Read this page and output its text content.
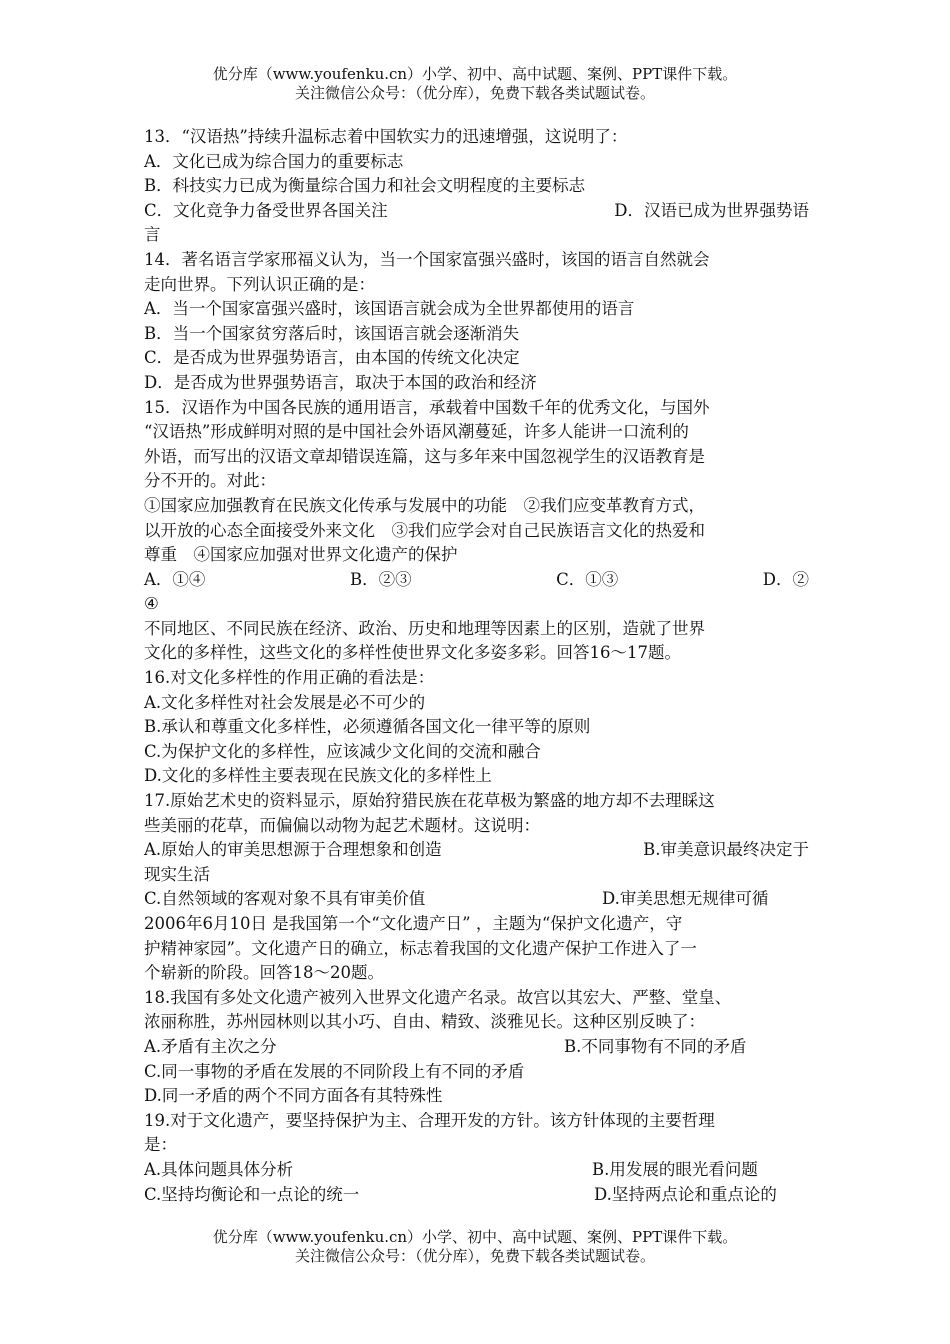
优分库（www.youfenku.cn）小学、初中、高中试题、案例、PPT课件下载。
关注微信公众号：（优分库），免费下载各类试题试卷。
13．“汉语热”持续升温标志着中国软实力的迅速增强，这说明了：
A．文化已成为综合国力的重要标志
B．科技实力已成为衡量综合国力和社会文明程度的主要标志
C．文化竞争力备受世界各国关注	D．汉语已成为世界强势语
言
14．著名语言学家邢福义认为，当一个国家富强兴盛时，该国的语言自然就会
走向世界。下列认识正确的是：
A．当一个国家富强兴盛时，该国语言就会成为全世界都使用的语言
B．当一个国家贫穷落后时，该国语言就会逐渐消失
C．是否成为世界强势语言，由本国的传统文化决定
D．是否成为世界强势语言，取决于本国的政治和经济
15．汉语作为中国各民族的通用语言，承载着中国数千年的优秀文化，与国外
“汉语热”形成鲜明对照的是中国社会外语风潮蔓延，许多人能讲一口流利的
外语，而写出的汉语文章却错误连篇，这与多年来中国忽视学生的汉语教育是
分不开的。对此：
①国家应加强教育在民族文化传承与发展中的功能　②我们应变革教育方式，
以开放的心态全面接受外来文化　③我们应学会对自己民族语言文化的热爱和
尊重　④国家应加强对世界文化遗产的保护
A．①④	B．②③	C．①③	D．②
④
不同地区、不同民族在经济、政治、历史和地理等因素上的区别，造就了世界
文化的多样性，这些文化的多样性使世界文化多姿多彩。回答16～17题。
16.对文化多样性的作用正确的看法是：
A.文化多样性对社会发展是必不可少的
B.承认和尊重文化多样性，必须遵循各国文化一律平等的原则
C.为保护文化的多样性，应该减少文化间的交流和融合
D.文化的多样性主要表现在民族文化的多样性上
17.原始艺术史的资料显示，原始狩猎民族在花草极为繁盛的地方却不去理睬这
些美丽的花草，而偏偏以动物为起艺术题材。这说明：
A.原始人的审美思想源于合理想象和创造	B.审美意识最终决定于
现实生活
C.自然领域的客观对象不具有审美价值	D.审美思想无规律可循
2006年6月10日 是我国第一个“文化遗产日” ，主题为“保护文化遗产，守
护精神家园”。文化遗产日的确立，标志着我国的文化遗产保护工作进入了一
个崭新的阶段。回答18～20题。
18.我国有多处文化遗产被列入世界文化遗产名录。故宫以其宏大、严整、堂皇、
浓丽称胜，苏州园林则以其小巧、自由、精致、淡雅见长。这种区别反映了：
A.矛盾有主次之分	B.不同事物有不同的矛盾
C.同一事物的矛盾在发展的不同阶段上有不同的矛盾
D.同一矛盾的两个不同方面各有其特殊性
19.对于文化遗产，要坚持保护为主、合理开发的方针。该方针体现的主要哲理
是：
A.具体问题具体分析	B.用发展的眼光看问题
C.坚持均衡论和一点论的统一	D.坚持两点论和重点论的
优分库（www.youfenku.cn）小学、初中、高中试题、案例、PPT课件下载。
关注微信公众号：（优分库），免费下载各类试题试卷。
